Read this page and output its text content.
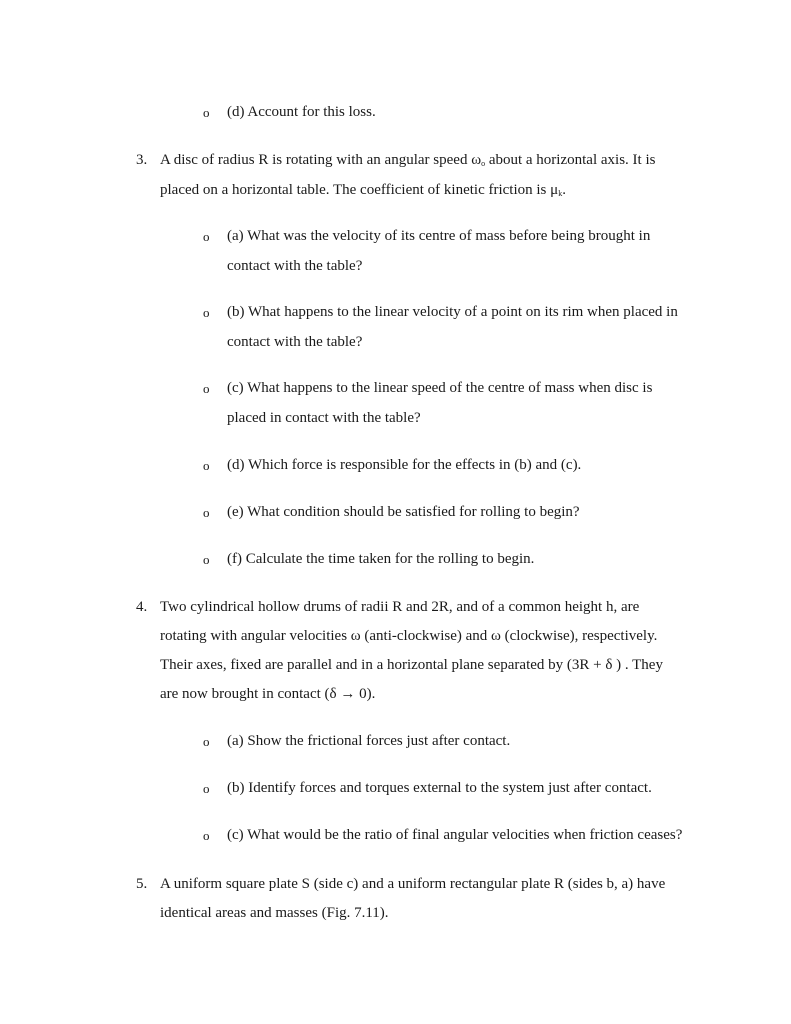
o (d) Account for this loss.
3. A disc of radius R is rotating with an angular speed $\omega_o$ about a horizontal axis. It is
placed on a horizontal table. The coefficient of kinetic friction is $\mu_k$.
o (a) What was the velocity of its centre of mass before being brought in
contact with the table?
o (b) What happens to the linear velocity of a point on its rim when placed in
contact with the table?
o (c) What happens to the linear speed of the centre of mass when disc is
placed in contact with the table?
o (d) Which force is responsible for the effects in (b) and (c).
o (e) What condition should be satisfied for rolling to begin?
o (f) Calculate the time taken for the rolling to begin.
4. Two cylindrical hollow drums of radii R and 2R, and of a common height h, are
rotating with angular velocities ω (anti-clockwise) and ω (clockwise), respectively.
Their axes, fixed are parallel and in a horizontal plane separated by (3R + δ ) . They
are now brought in contact (δ → 0).
o (a) Show the frictional forces just after contact.
o (b) Identify forces and torques external to the system just after contact.
o (c) What would be the ratio of final angular velocities when friction ceases?
5. A uniform square plate S (side c) and a uniform rectangular plate R (sides b, a) have
identical areas and masses (Fig. 7.11).
